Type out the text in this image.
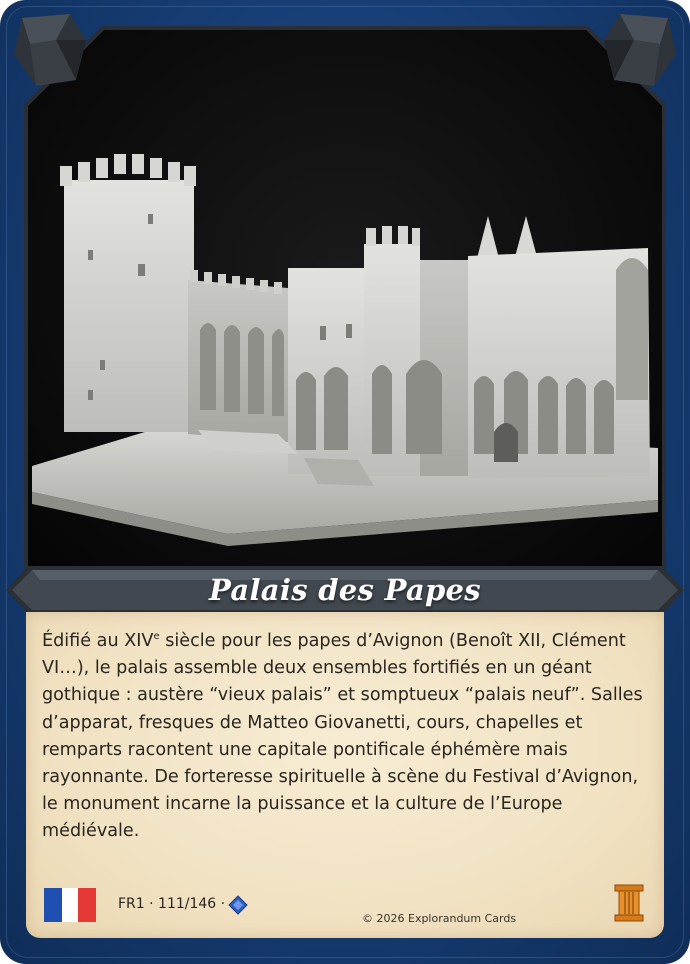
Palais des Papes
Édifié au XIVe siècle pour les papes d’Avignon (Benoît XII, Clément VI…), le palais assemble deux ensembles fortifiés en un géant gothique : austère “vieux palais” et somptueux “palais neuf”. Salles d’apparat, fresques de Matteo Giovanetti, cours, chapelles et remparts racontent une capitale pontificale éphémère mais rayonnante. De forteresse spirituelle à scène du Festival d’Avignon, le monument incarne la puissance et la culture de l’Europe médiévale.
FR1 · 111/146 ·
© 2026 Explorandum Cards
